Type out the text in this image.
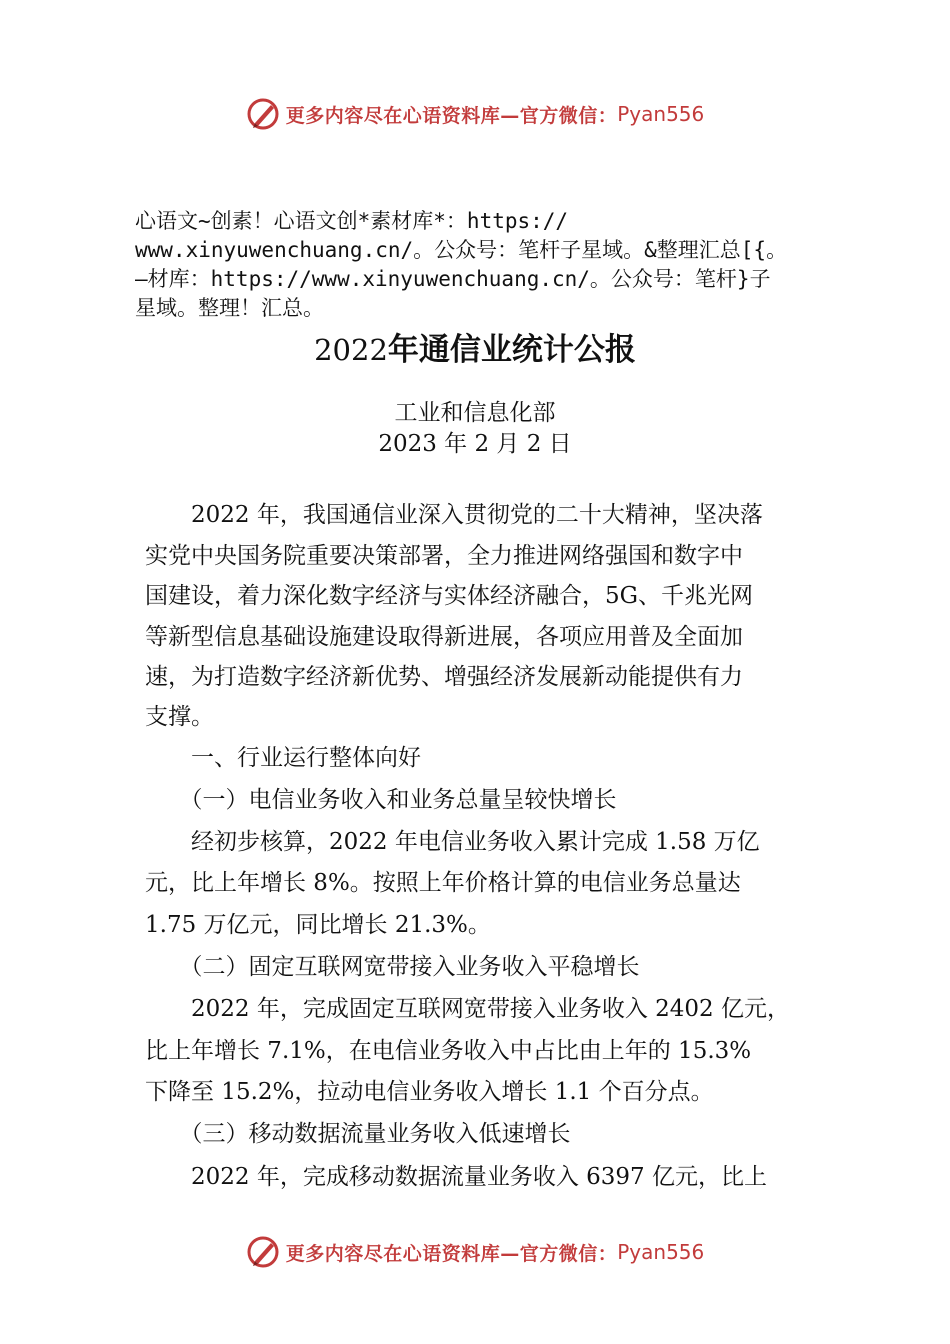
更多内容尽在心语资料库—官方微信： Pyan556
心语文~创素！心语文创*素材库*：https://
www.xinyuwenchuang.cn/。公众号：笔杆子星域。&整理汇总[{。
—材库：https://www.xinyuwenchuang.cn/。公众号：笔杆}子
星域。整理！汇总。
2022年通信业统计公报
工业和信息化部
2023 年 2 月 2 日
　　2022 年，我国通信业深入贯彻党的二十大精神，坚决落
实党中央国务院重要决策部署，全力推进网络强国和数字中
国建设，着力深化数字经济与实体经济融合，5G、千兆光网
等新型信息基础设施建设取得新进展，各项应用普及全面加
速，为打造数字经济新优势、增强经济发展新动能提供有力
支撑。
　　一、行业运行整体向好
　　（一）电信业务收入和业务总量呈较快增长
　　经初步核算，2022 年电信业务收入累计完成 1.58 万亿
元，比上年增长 8%。按照上年价格计算的电信业务总量达
1.75 万亿元，同比增长 21.3%。
　　（二）固定互联网宽带接入业务收入平稳增长
　　2022 年，完成固定互联网宽带接入业务收入 2402 亿元，
比上年增长 7.1%，在电信业务收入中占比由上年的 15.3%
下降至 15.2%，拉动电信业务收入增长 1.1 个百分点。
　　（三）移动数据流量业务收入低速增长
　　2022 年，完成移动数据流量业务收入 6397 亿元，比上
更多内容尽在心语资料库—官方微信： Pyan556
